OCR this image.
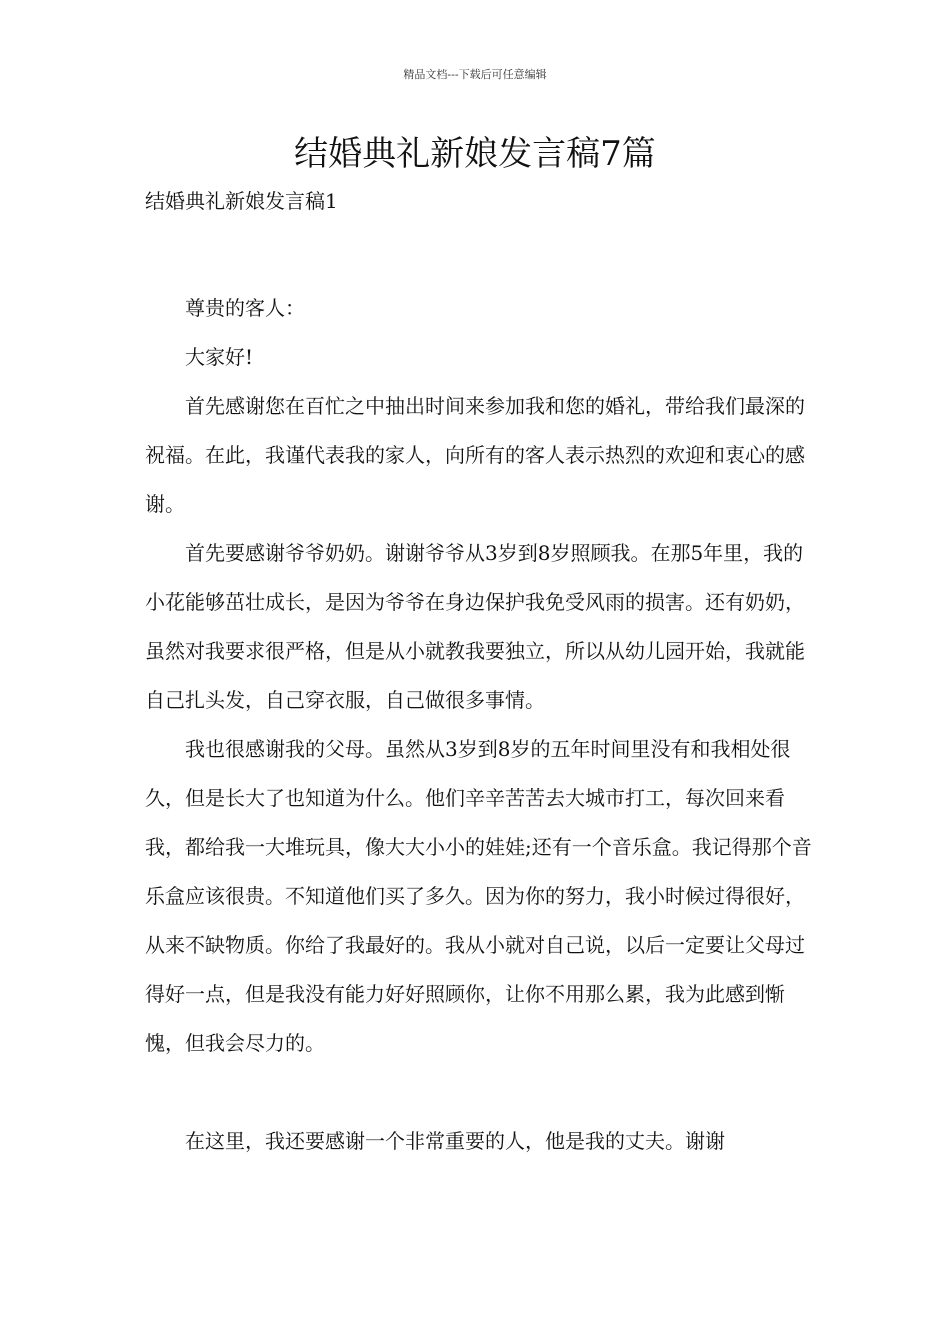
精品文档---下载后可任意编辑
结婚典礼新娘发言稿7篇
结婚典礼新娘发言稿1

尊贵的客人：

大家好!

首先感谢您在百忙之中抽出时间来参加我和您的婚礼，带给我们最深的祝福。在此，我谨代表我的家人，向所有的客人表示热烈的欢迎和衷心的感谢。

首先要感谢爷爷奶奶。谢谢爷爷从3岁到8岁照顾我。在那5年里，我的小花能够茁壮成长，是因为爷爷在身边保护我免受风雨的损害。还有奶奶，虽然对我要求很严格，但是从小就教我要独立，所以从幼儿园开始，我就能自己扎头发，自己穿衣服，自己做很多事情。

我也很感谢我的父母。虽然从3岁到8岁的五年时间里没有和我相处很久，但是长大了也知道为什么。他们辛辛苦苦去大城市打工，每次回来看我，都给我一大堆玩具，像大大小小的娃娃;还有一个音乐盒。我记得那个音乐盒应该很贵。不知道他们买了多久。因为你的努力，我小时候过得很好，从来不缺物质。你给了我最好的。我从小就对自己说，以后一定要让父母过得好一点，但是我没有能力好好照顾你，让你不用那么累，我为此感到惭愧，但我会尽力的。

在这里，我还要感谢一个非常重要的人，他是我的丈夫。谢谢
